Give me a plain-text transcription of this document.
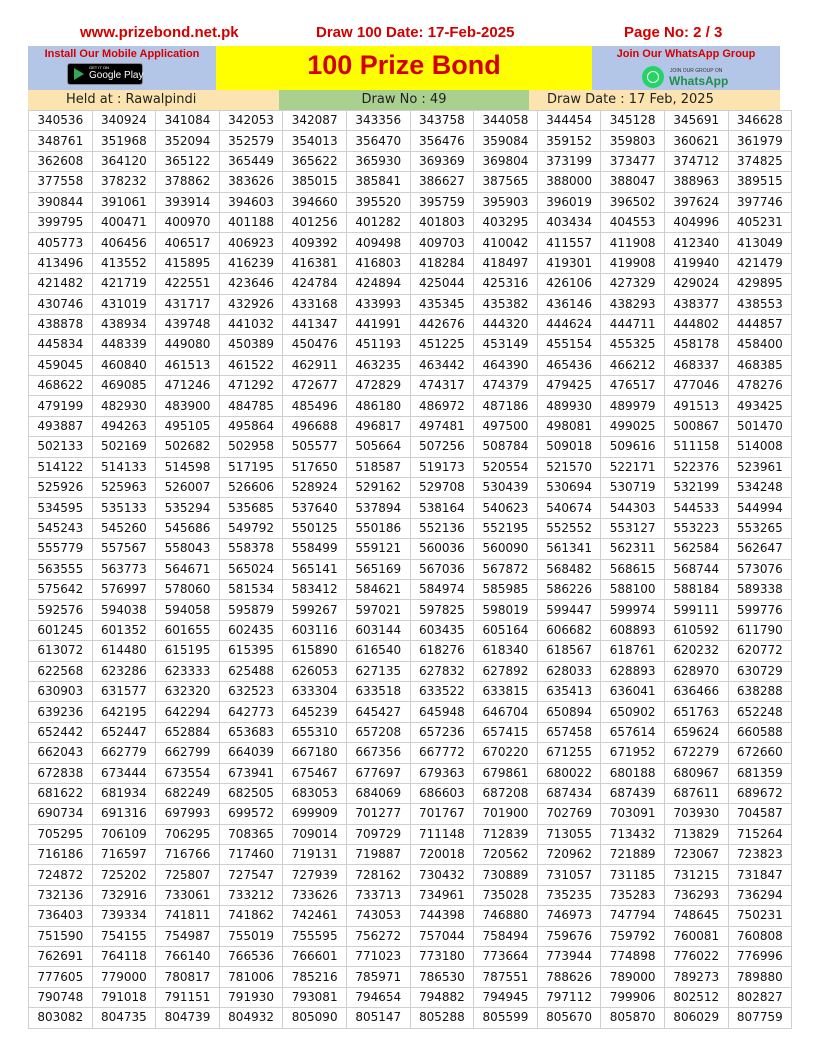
www.prizebond.net.pk	Draw 100 Date: 17-Feb-2025	Page No: 2 / 3
Install Our Mobile Application
GET IT ON
Google Play	100 Prize Bond	Join Our WhatsApp Group
JOIN OUR GROUP ON
WhatsApp
Held at : Rawalpindi	Draw No : 49	Draw Date : 17 Feb, 2025
340536	340924	341084	342053	342087	343356	343758	344058	344454	345128	345691	346628
348761	351968	352094	352579	354013	356470	356476	359084	359152	359803	360621	361979
362608	364120	365122	365449	365622	365930	369369	369804	373199	373477	374712	374825
377558	378232	378862	383626	385015	385841	386627	387565	388000	388047	388963	389515
390844	391061	393914	394603	394660	395520	395759	395903	396019	396502	397624	397746
399795	400471	400970	401188	401256	401282	401803	403295	403434	404553	404996	405231
405773	406456	406517	406923	409392	409498	409703	410042	411557	411908	412340	413049
413496	413552	415895	416239	416381	416803	418284	418497	419301	419908	419940	421479
421482	421719	422551	423646	424784	424894	425044	425316	426106	427329	429024	429895
430746	431019	431717	432926	433168	433993	435345	435382	436146	438293	438377	438553
438878	438934	439748	441032	441347	441991	442676	444320	444624	444711	444802	444857
445834	448339	449080	450389	450476	451193	451225	453149	455154	455325	458178	458400
459045	460840	461513	461522	462911	463235	463442	464390	465436	466212	468337	468385
468622	469085	471246	471292	472677	472829	474317	474379	479425	476517	477046	478276
479199	482930	483900	484785	485496	486180	486972	487186	489930	489979	491513	493425
493887	494263	495105	495864	496688	496817	497481	497500	498081	499025	500867	501470
502133	502169	502682	502958	505577	505664	507256	508784	509018	509616	511158	514008
514122	514133	514598	517195	517650	518587	519173	520554	521570	522171	522376	523961
525926	525963	526007	526606	528924	529162	529708	530439	530694	530719	532199	534248
534595	535133	535294	535685	537640	537894	538164	540623	540674	544303	544533	544994
545243	545260	545686	549792	550125	550186	552136	552195	552552	553127	553223	553265
555779	557567	558043	558378	558499	559121	560036	560090	561341	562311	562584	562647
563555	563773	564671	565024	565141	565169	567036	567872	568482	568615	568744	573076
575642	576997	578060	581534	583412	584621	584974	585985	586226	588100	588184	589338
592576	594038	594058	595879	599267	597021	597825	598019	599447	599974	599111	599776
601245	601352	601655	602435	603116	603144	603435	605164	606682	608893	610592	611790
613072	614480	615195	615395	615890	616540	618276	618340	618567	618761	620232	620772
622568	623286	623333	625488	626053	627135	627832	627892	628033	628893	628970	630729
630903	631577	632320	632523	633304	633518	633522	633815	635413	636041	636466	638288
639236	642195	642294	642773	645239	645427	645948	646704	650894	650902	651763	652248
652442	652447	652884	653683	655310	657208	657236	657415	657458	657614	659624	660588
662043	662779	662799	664039	667180	667356	667772	670220	671255	671952	672279	672660
672838	673444	673554	673941	675467	677697	679363	679861	680022	680188	680967	681359
681622	681934	682249	682505	683053	684069	686603	687208	687434	687439	687611	689672
690734	691316	697993	699572	699909	701277	701767	701900	702769	703091	703930	704587
705295	706109	706295	708365	709014	709729	711148	712839	713055	713432	713829	715264
716186	716597	716766	717460	719131	719887	720018	720562	720962	721889	723067	723823
724872	725202	725807	727547	727939	728162	730432	730889	731057	731185	731215	731847
732136	732916	733061	733212	733626	733713	734961	735028	735235	735283	736293	736294
736403	739334	741811	741862	742461	743053	744398	746880	746973	747794	748645	750231
751590	754155	754987	755019	755595	756272	757044	758494	759676	759792	760081	760808
762691	764118	766140	766536	766601	771023	773180	773664	773944	774898	776022	776996
777605	779000	780817	781006	785216	785971	786530	787551	788626	789000	789273	789880
790748	791018	791151	791930	793081	794654	794882	794945	797112	799906	802512	802827
803082	804735	804739	804932	805090	805147	805288	805599	805670	805870	806029	807759
